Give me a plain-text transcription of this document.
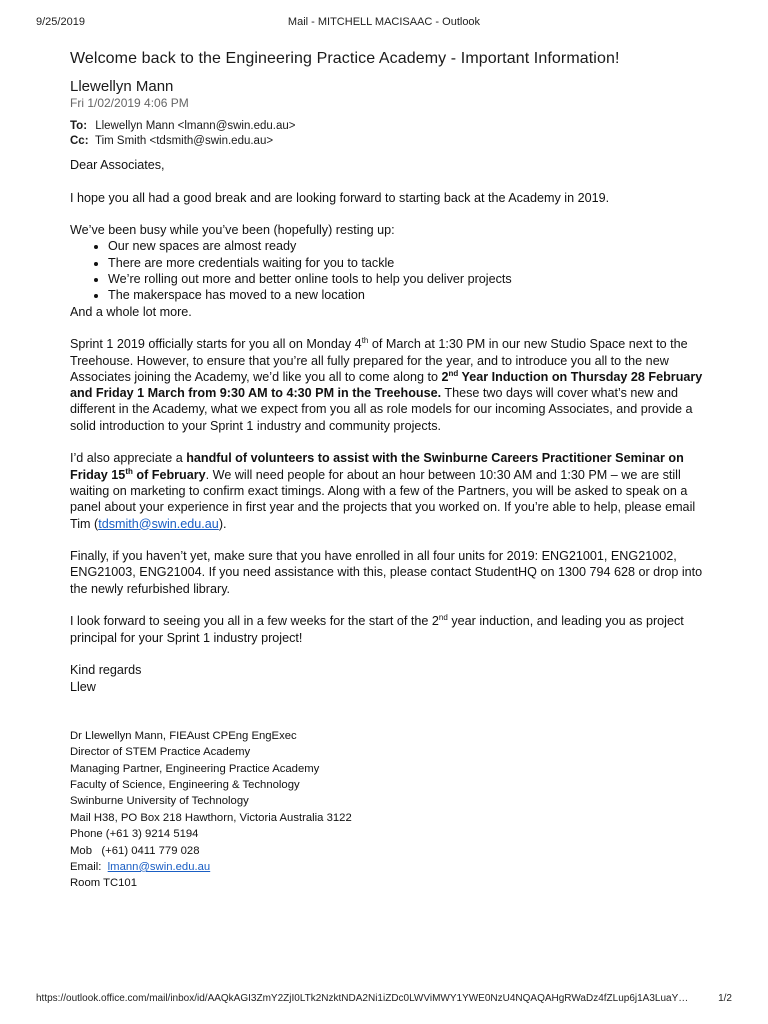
9/25/2019	Mail - MITCHELL MACISAAC - Outlook
Welcome back to the Engineering Practice Academy - Important Information!
Llewellyn Mann
Fri 1/02/2019 4:06 PM
To: Llewellyn Mann <lmann@swin.edu.au>
Cc: Tim Smith <tdsmith@swin.edu.au>

Dear Associates,

I hope you all had a good break and are looking forward to starting back at the Academy in 2019.

We’ve been busy while you’ve been (hopefully) resting up:
• Our new spaces are almost ready
• There are more credentials waiting for you to tackle
• We’re rolling out more and better online tools to help you deliver projects
• The makerspace has moved to a new location

And a whole lot more.

Sprint 1 2019 officially starts for you all on Monday 4th of March at 1:30 PM in our new Studio Space next to the Treehouse. However, to ensure that you’re all fully prepared for the year, and to introduce you all to the new Associates joining the Academy, we’d like you all to come along to 2nd Year Induction on Thursday 28 February and Friday 1 March from 9:30 AM to 4:30 PM in the Treehouse. These two days will cover what’s new and different in the Academy, what we expect from you all as role models for our incoming Associates, and provide a solid introduction to your Sprint 1 industry and community projects.

I’d also appreciate a handful of volunteers to assist with the Swinburne Careers Practitioner Seminar on Friday 15th of February. We will need people for about an hour between 10:30 AM and 1:30 PM – we are still waiting on marketing to confirm exact timings. Along with a few of the Partners, you will be asked to speak on a panel about your experience in first year and the projects that you worked on. If you’re able to help, please email Tim (tdsmith@swin.edu.au).

Finally, if you haven’t yet, make sure that you have enrolled in all four units for 2019: ENG21001, ENG21002, ENG21003, ENG21004. If you need assistance with this, please contact StudentHQ on 1300 794 628 or drop into the newly refurbished library.

I look forward to seeing you all in a few weeks for the start of the 2nd year induction, and leading you as project principal for your Sprint 1 industry project!

Kind regards
Llew
Dr Llewellyn Mann, FIEAust CPEng EngExec
Director of STEM Practice Academy
Managing Partner, Engineering Practice Academy
Faculty of Science, Engineering & Technology
Swinburne University of Technology
Mail H38, PO Box 218 Hawthorn, Victoria Australia 3122
Phone (+61 3) 9214 5194
Mob   (+61) 0411 779 028
Email:  lmann@swin.edu.au
Room TC101
https://outlook.office.com/mail/inbox/id/AAQkAGI3ZmY2ZjI0LTk2NzktNDA2Ni1iZDc0LWViMWY1YWE0NzU4NQAQAHgRWaDz4fZLup6j1A3LuaY…	1/2
